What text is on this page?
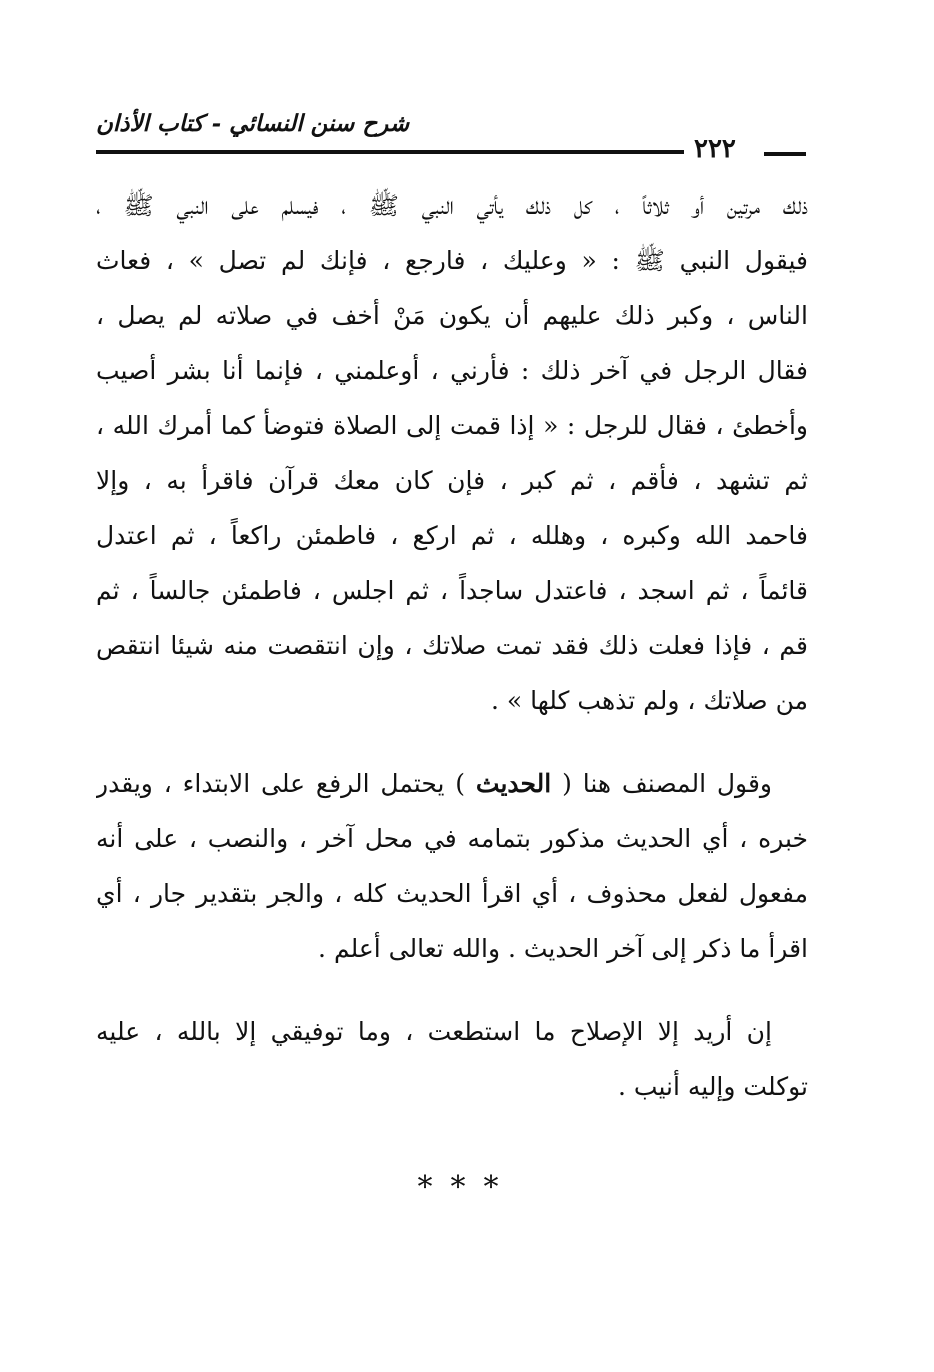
شرح سنن النسائي - كتاب الأذان
٢٢٢
ذلك مرتين أو ثلاثاً ، كل ذلك يأتي النبي ﷺ ، فيسلم على النبي ﷺ ،
فيقول النبي ﷺ : « وعليك ، فارجع ، فإنك لم تصل » ، فعاث
الناس ، وكبر ذلك عليهم أن يكون مَنْ أخف في صلاته لم يصل ،
فقال الرجل في آخر ذلك : فأرني ، أوعلمني ، فإنما أنا بشر أصيب
وأخطئ ، فقال للرجل : « إذا قمت إلى الصلاة فتوضأ كما أمرك الله ،
ثم تشهد ، فأقم ، ثم كبر ، فإن كان معك قرآن فاقرأ به ، وإلا
فاحمد الله وكبره ، وهلله ، ثم اركع ، فاطمئن راكعاً ، ثم اعتدل
قائماً ، ثم اسجد ، فاعتدل ساجداً ، ثم اجلس ، فاطمئن جالساً ، ثم
قم ، فإذا فعلت ذلك فقد تمت صلاتك ، وإن انتقصت منه شيئا انتقص
من صلاتك ، ولم تذهب كلها » .
وقول المصنف هنا ( الحديث ) يحتمل الرفع على الابتداء ، ويقدر
خبره ، أي الحديث مذكور بتمامه في محل آخر ، والنصب ، على أنه
مفعول لفعل محذوف ، أي اقرأ الحديث كله ، والجر بتقدير جار ، أي
اقرأ ما ذكر إلى آخر الحديث . والله تعالى أعلم .
إن أريد إلا الإصلاح ما استطعت ، وما توفيقي إلا بالله ، عليه
توكلت وإليه أنيب .
***
